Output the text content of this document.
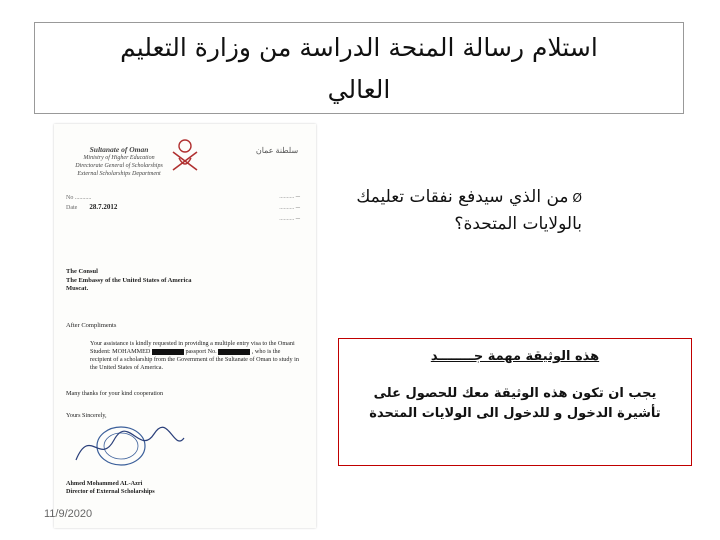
استلام رسالة المنحة الدراسة من وزارة التعليم
العالي
Sultanate of Oman
Ministry of Higher Education
Directorate General of Scholarships
External Scholarships Department
سلطنة عمان
No ...........
Date 28.7.2012
.......... ─
.......... ─
.......... ─
The Consul
The Embassy of the United States of America
Muscat.
After Compliments
Your assistance is kindly requested in providing a multiple entry visa to the Omani Student: MOHAMMED	passport No.	, who is the recipient of a scholarship from the Government of the Sultanate of Oman to study in the United States of America.
Many thanks for your kind cooperation
Yours Sincerely,
Ahmed Mohammed AL-Azri
Director of External Scholarships
11/9/2020
Øمن الذي سيدفع نفقات تعليمك
بالولايات المتحدة؟
هذه الوثيقة مهمة جــــــــد
يجب ان تكون هذه الوثيقة معك للحصول على
تأشيرة الدخول و للدخول الى الولايات المتحدة
